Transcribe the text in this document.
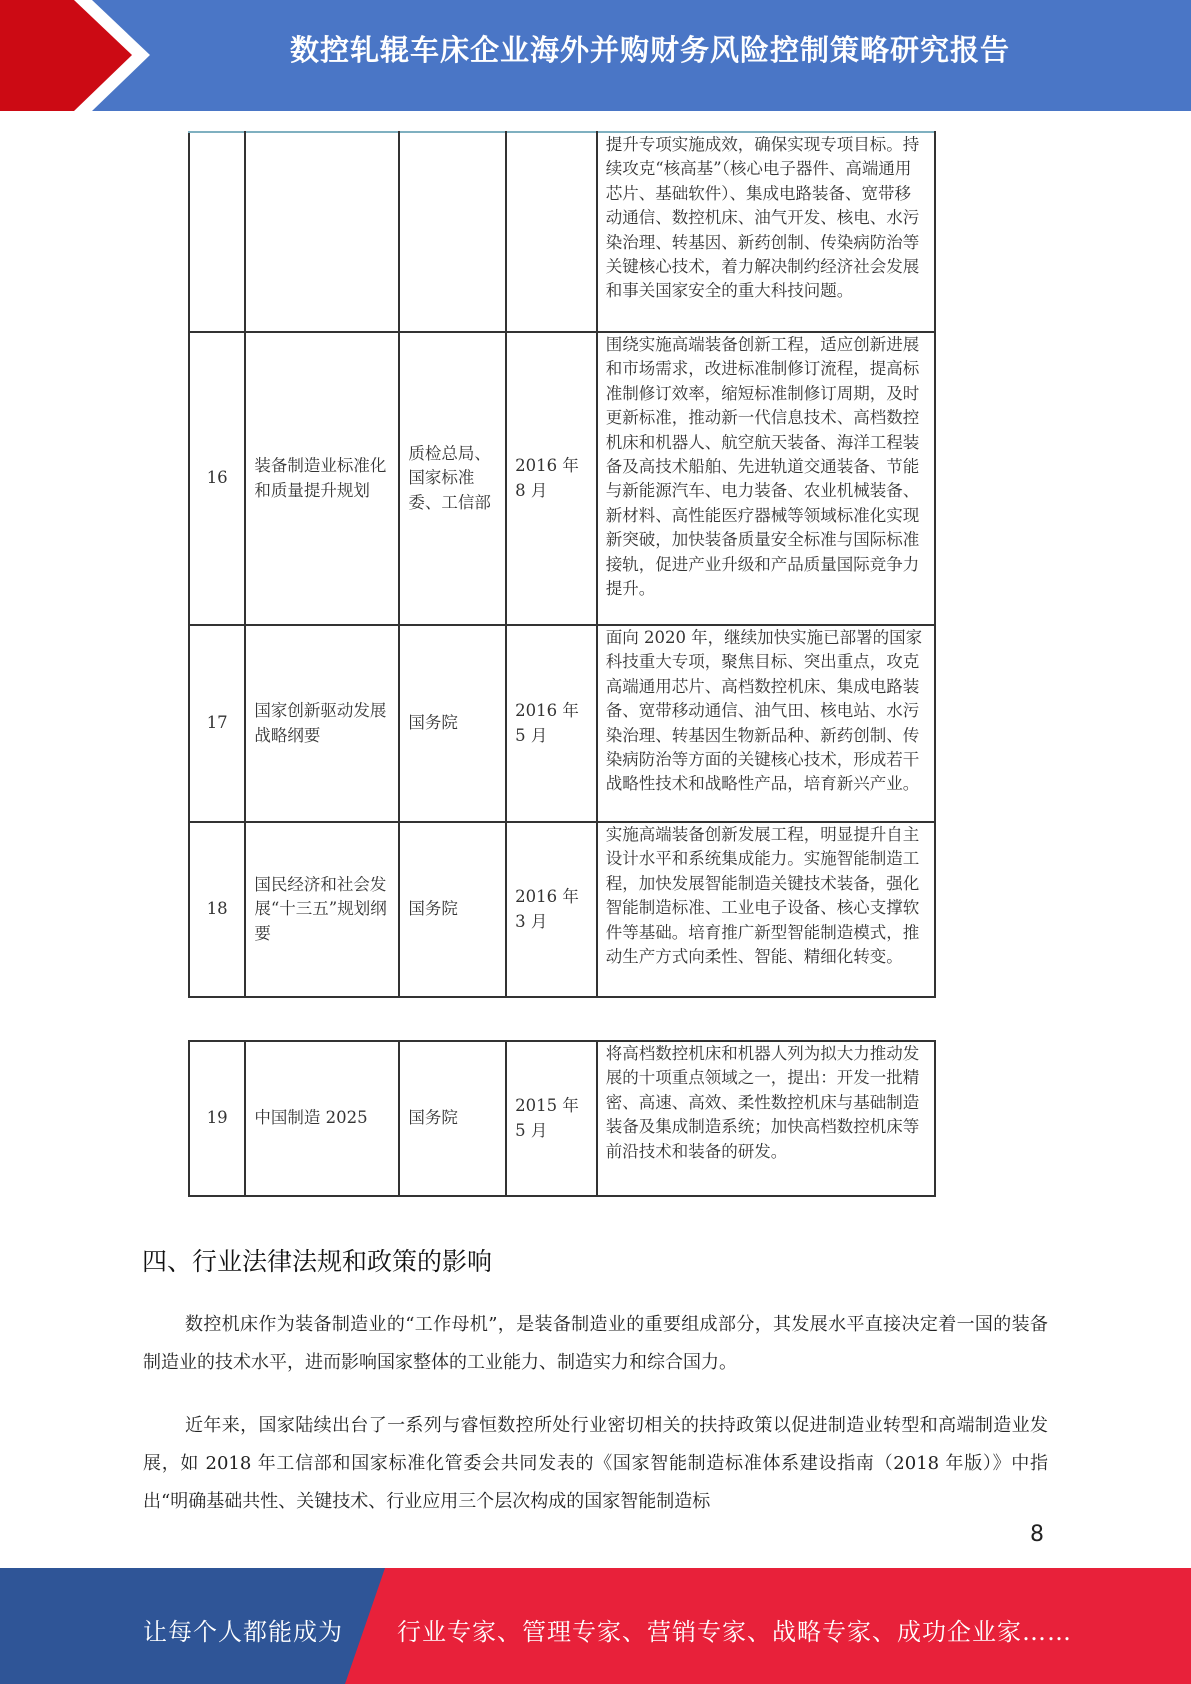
数控轧辊车床企业海外并购财务风险控制策略研究报告
				提升专项实施成效，确保实现专项目标。持续攻克“核高基”（核心电子器件、高端通用芯片、基础软件）、集成电路装备、宽带移动通信、数控机床、油气开发、核电、水污染治理、转基因、新药创制、传染病防治等关键核心技术，着力解决制约经济社会发展和事关国家安全的重大科技问题。
16	装备制造业标准化和质量提升规划	质检总局、国家标准委、工信部	2016 年 8 月	围绕实施高端装备创新工程，适应创新进展和市场需求，改进标准制修订流程，提高标准制修订效率，缩短标准制修订周期，及时更新标准，推动新一代信息技术、高档数控机床和机器人、航空航天装备、海洋工程装备及高技术船舶、先进轨道交通装备、节能与新能源汽车、电力装备、农业机械装备、新材料、高性能医疗器械等领域标准化实现新突破，加快装备质量安全标准与国际标准接轨，促进产业升级和产品质量国际竞争力提升。
17	国家创新驱动发展战略纲要	国务院	2016 年 5 月	面向 2020 年，继续加快实施已部署的国家科技重大专项，聚焦目标、突出重点，攻克高端通用芯片、高档数控机床、集成电路装备、宽带移动通信、油气田、核电站、水污染治理、转基因生物新品种、新药创制、传染病防治等方面的关键核心技术，形成若干战略性技术和战略性产品，培育新兴产业。
18	国民经济和社会发展“十三五”规划纲要	国务院	2016 年 3 月	实施高端装备创新发展工程，明显提升自主设计水平和系统集成能力。实施智能制造工程，加快发展智能制造关键技术装备，强化智能制造标准、工业电子设备、核心支撑软件等基础。培育推广新型智能制造模式，推动生产方式向柔性、智能、精细化转变。
19	中国制造 2025	国务院	2015 年 5 月	将高档数控机床和机器人列为拟大力推动发展的十项重点领域之一，提出：开发一批精密、高速、高效、柔性数控机床与基础制造装备及集成制造系统；加快高档数控机床等前沿技术和装备的研发。
四、行业法律法规和政策的影响

数控机床作为装备制造业的“工作母机”，是装备制造业的重要组成部分，其发展水平直接决定着一国的装备制造业的技术水平，进而影响国家整体的工业能力、制造实力和综合国力。

近年来，国家陆续出台了一系列与睿恒数控所处行业密切相关的扶持政策以促进制造业转型和高端制造业发展，如 2018 年工信部和国家标准化管委会共同发表的《国家智能制造标准体系建设指南（2018 年版）》中指出“明确基础共性、关键技术、行业应用三个层次构成的国家智能制造标

8
让每个人都能成为 行业专家、管理专家、营销专家、战略专家、成功企业家……
